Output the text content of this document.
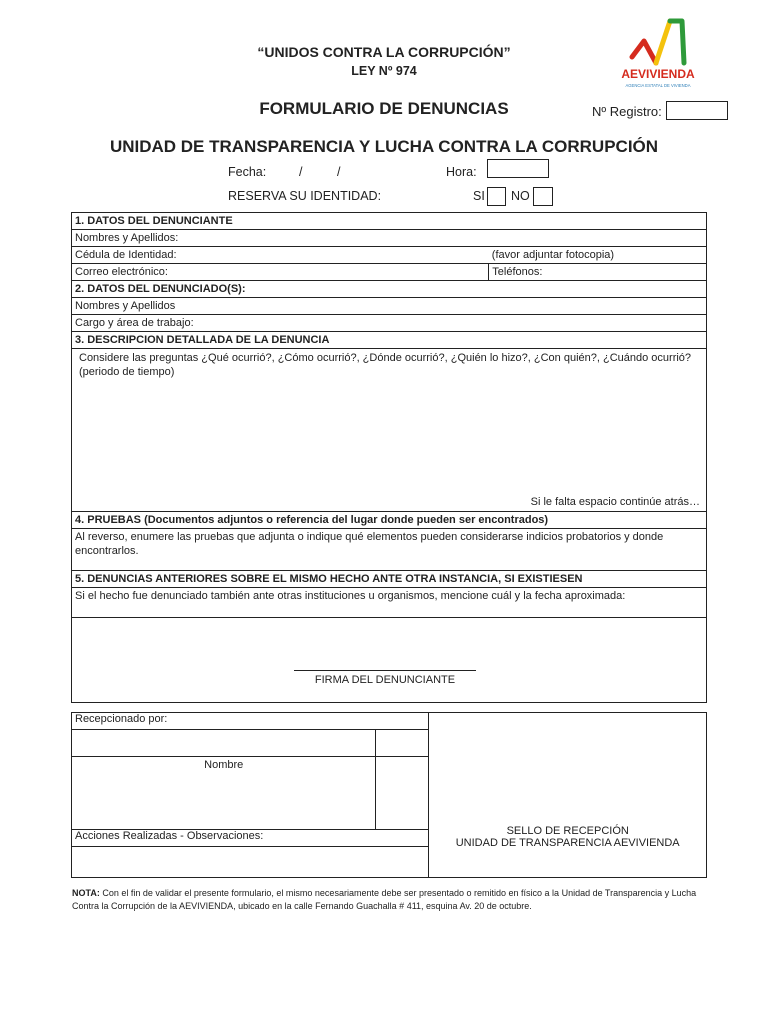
AEVIVIENDA
AGENCIA ESTATAL DE VIVIENDA
“UNIDOS CONTRA LA CORRUPCIÓN”
LEY Nº 974
FORMULARIO DE DENUNCIAS	Nº Registro:
UNIDAD DE TRANSPARENCIA Y LUCHA CONTRA LA CORRUPCIÓN
Fecha:	/	/	Hora:
RESERVA SU IDENTIDAD:	SI NO
1. DATOS DEL DENUNCIANTE	
Nombres y Apellidos:	
Cédula de Identidad:	(favor adjuntar fotocopia)
Correo electrónico:	Teléfonos:
2. DATOS DEL DENUNCIADO(S):	
Nombres y Apellidos	
Cargo y área de trabajo:	
3. DESCRIPCION DETALLADA DE LA DENUNCIA	

Considere las preguntas ¿Qué ocurrió?, ¿Cómo ocurrió?, ¿Dónde ocurrió?, ¿Quién lo hizo?, ¿Con quién?, ¿Cuándo ocurrió? (periodo de tiempo)
Si le falta espacio continúe atrás…	

4. PRUEBAS (Documentos adjuntos o referencia del lugar donde pueden ser encontrados)	

Al reverso, enumere las pruebas que adjunta o indique qué elementos pueden considerarse indicios probatorios y donde encontrarlos.	

5. DENUNCIAS ANTERIORES SOBRE EL MISMO HECHO ANTE OTRA INSTANCIA, SI EXISTIESEN	

Si el hecho fue denunciado también ante otras instituciones u organismos, mencione cuál y la fecha aproximada:	

FIRMA DEL DENUNCIANTE	
Recepcionado por:		SELLO DE RECEPCIÓN
UNIDAD DE TRANSPARENCIA AEVIVIENDA

Nombre		
Acciones Realizadas - Observaciones:		

NOTA: Con el fin de validar el presente formulario, el mismo necesariamente debe ser presentado o remitido en físico a la Unidad de Transparencia y Lucha Contra la Corrupción de la AEVIVIENDA, ubicado en la calle Fernando Guachalla # 411, esquina Av. 20 de octubre.
